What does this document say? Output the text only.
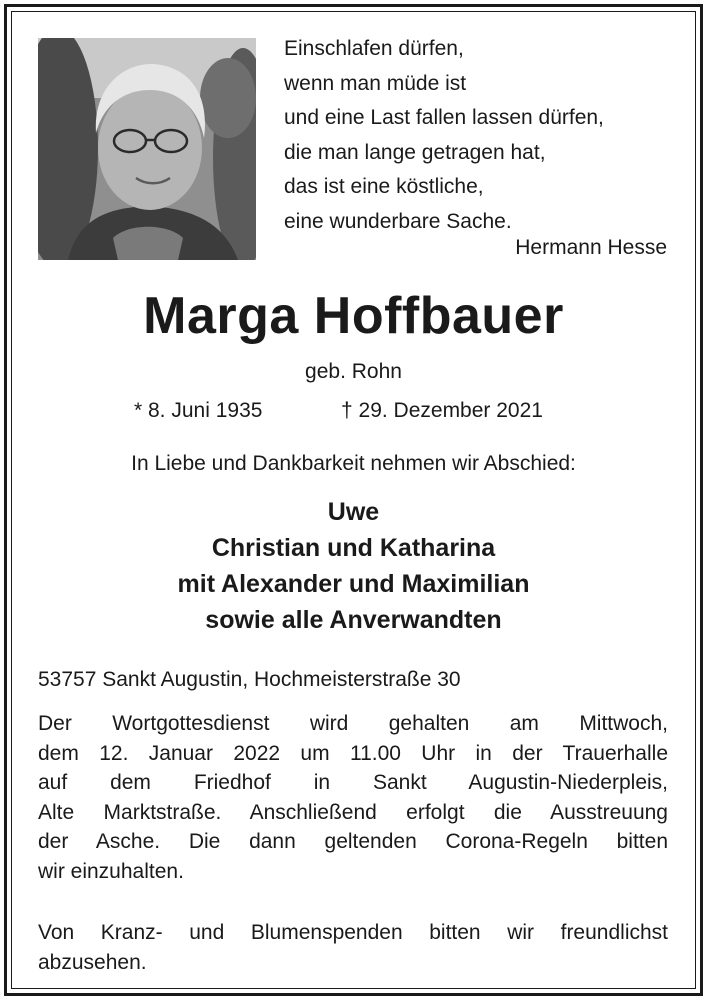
Einschlafen dürfen,
wenn man müde ist
und eine Last fallen lassen dürfen,
die man lange getragen hat,
das ist eine köstliche,
eine wunderbare Sache.
Hermann Hesse
Marga Hoffbauer
geb. Rohn
* 8. Juni 1935	† 29. Dezember 2021
In Liebe und Dankbarkeit nehmen wir Abschied:
Uwe
Christian und Katharina
mit Alexander und Maximilian
sowie alle Anverwandten
53757 Sankt Augustin, Hochmeisterstraße 30
Der Wortgottesdienst wird gehalten am Mittwoch,
dem 12. Januar 2022 um 11.00 Uhr in der Trauerhalle
auf dem Friedhof in Sankt Augustin-Niederpleis,
Alte Marktstraße. Anschließend erfolgt die Ausstreuung
der Asche. Die dann geltenden Corona-Regeln bitten
wir einzuhalten.
Von Kranz- und Blumenspenden bitten wir freundlichst
abzusehen.
